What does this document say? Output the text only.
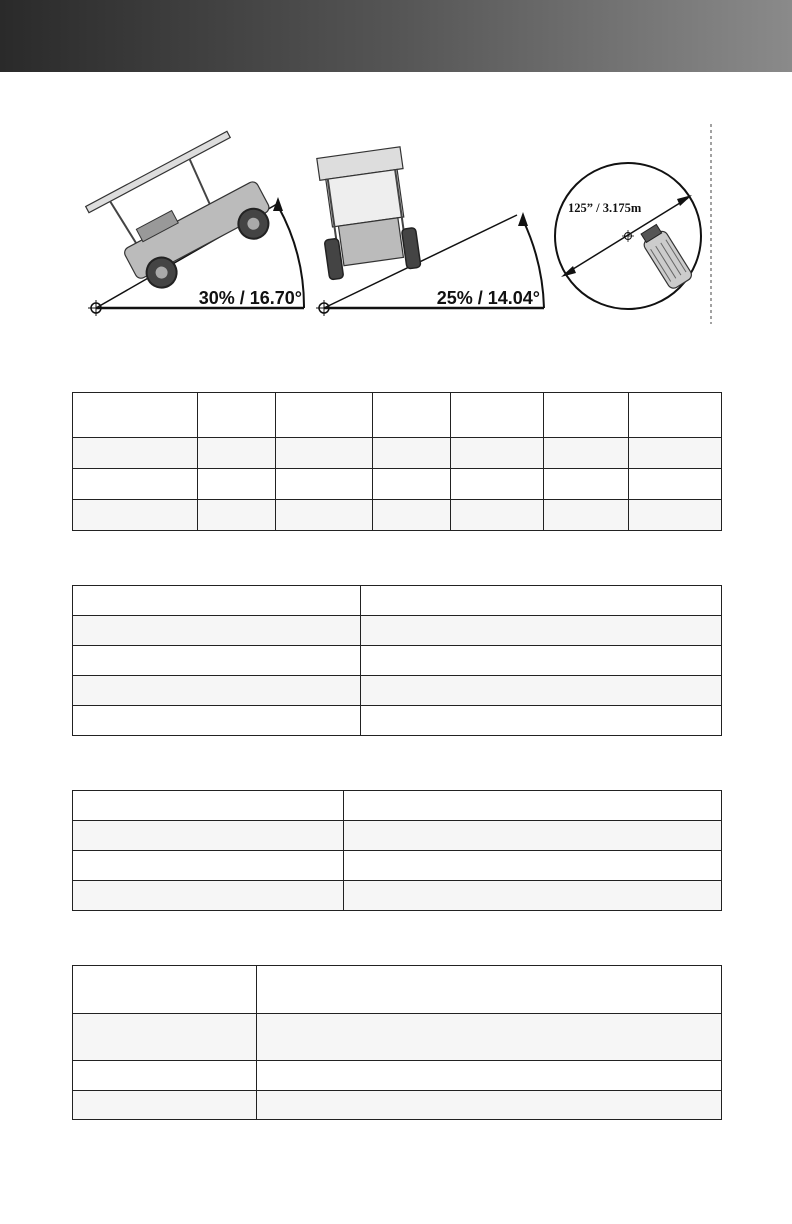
30% / 16.70°	25% / 14.04°
125” / 3.175m
